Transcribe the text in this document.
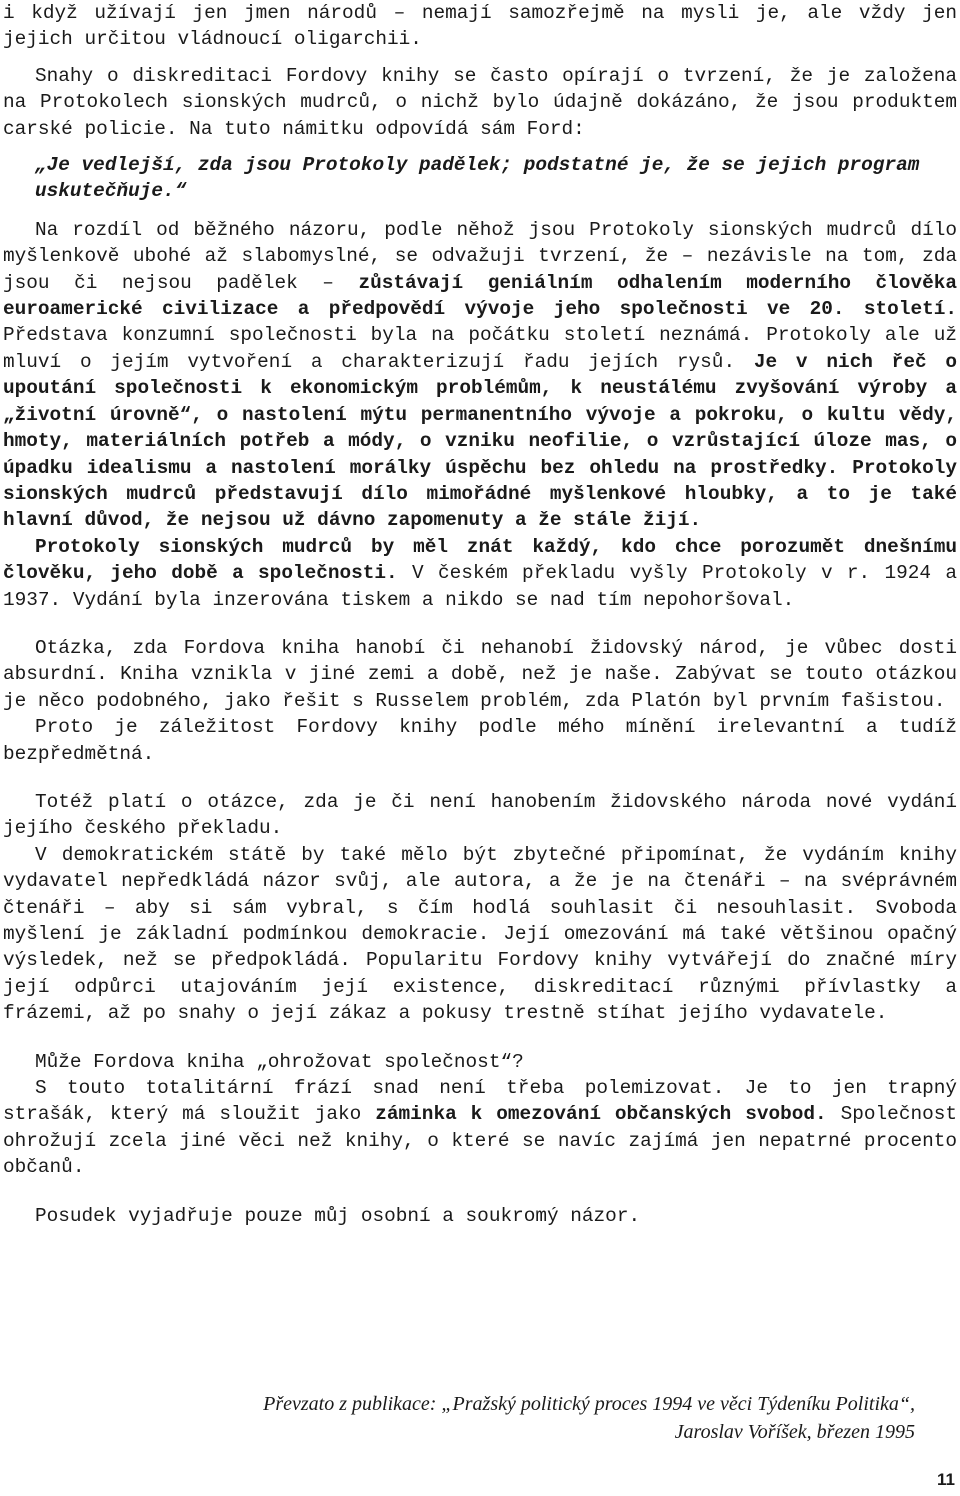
i když užívají jen jmen národů – nemají samozřejmě na mysli je, ale vždy jen jejich určitou vládnoucí oligarchii.

Snahy o diskreditaci Fordovy knihy se často opírají o tvrzení, že je založena na Protokolech sionských mudrců, o nichž bylo údajně dokázáno, že jsou produktem carské policie. Na tuto námitku odpovídá sám Ford:

„Je vedlejší, zda jsou Protokoly padělek; podstatné je, že se jejich program uskutečňuje.“

Na rozdíl od běžného názoru, podle něhož jsou Protokoly sionských mudrců dílo myšlenkově ubohé až slabomyslné, se odvažuji tvrzení, že – nezávisle na tom, zda jsou či nejsou padělek – zůstávají geniálním odhalením moderního člověka euroamerické civilizace a předpovědí vývoje jeho společnosti ve 20. století. Představa konzumní společnosti byla na počátku století neznámá. Protokoly ale už mluví o jejím vytvoření a charakterizují řadu jejích rysů. Je v nich řeč o upoutání společnosti k ekonomickým problémům, k neustálému zvyšování výroby a „životní úrovně“, o nastolení mýtu permanentního vývoje a pokroku, o kultu vědy, hmoty, materiálních potřeb a módy, o vzniku neofilie, o vzrůstající úloze mas, o úpadku idealismu a nastolení morálky úspěchu bez ohledu na prostředky. Protokoly sionských mudrců představují dílo mimořádné myšlenkové hloubky, a to je také hlavní důvod, že nejsou už dávno zapomenuty a že stále žijí.

Protokoly sionských mudrců by měl znát každý, kdo chce porozumět dnešnímu člověku, jeho době a společnosti. V českém překladu vyšly Protokoly v r. 1924 a 1937. Vydání byla inzerována tiskem a nikdo se nad tím nepohoršoval.

Otázka, zda Fordova kniha hanobí či nehanobí židovský národ, je vůbec dosti absurdní. Kniha vznikla v jiné zemi a době, než je naše. Zabývat se touto otázkou je něco podobného, jako řešit s Russelem problém, zda Platón byl prvním fašistou.

Proto je záležitost Fordovy knihy podle mého mínění irelevantní a tudíž bezpředmětná.

Totéž platí o otázce, zda je či není hanobením židovského národa nové vydání jejího českého překladu.

V demokratickém státě by také mělo být zbytečné připomínat, že vydáním knihy vydavatel nepředkládá názor svůj, ale autora, a že je na čtenáři – na svéprávném čtenáři – aby si sám vybral, s čím hodlá souhlasit či nesouhlasit. Svoboda myšlení je základní podmínkou demokracie. Její omezování má také většinou opačný výsledek, než se předpokládá. Popularitu Fordovy knihy vytvářejí do značné míry její odpůrci utajováním její existence, diskreditací různými přívlastky a frázemi, až po snahy o její zákaz a pokusy trestně stíhat jejího vydavatele.

Může Fordova kniha „ohrožovat společnost“?

S touto totalitární frází snad není třeba polemizovat. Je to jen trapný strašák, který má sloužit jako záminka k omezování občanských svobod. Společnost ohrožují zcela jiné věci než knihy, o které se navíc zajímá jen nepatrné procento občanů.

Posudek vyjadřuje pouze můj osobní a soukromý názor.

Převzato z publikace: „Pražský politický proces 1994 ve věci Týdeníku Politika“,

Jaroslav Voříšek, březen 1995

11
